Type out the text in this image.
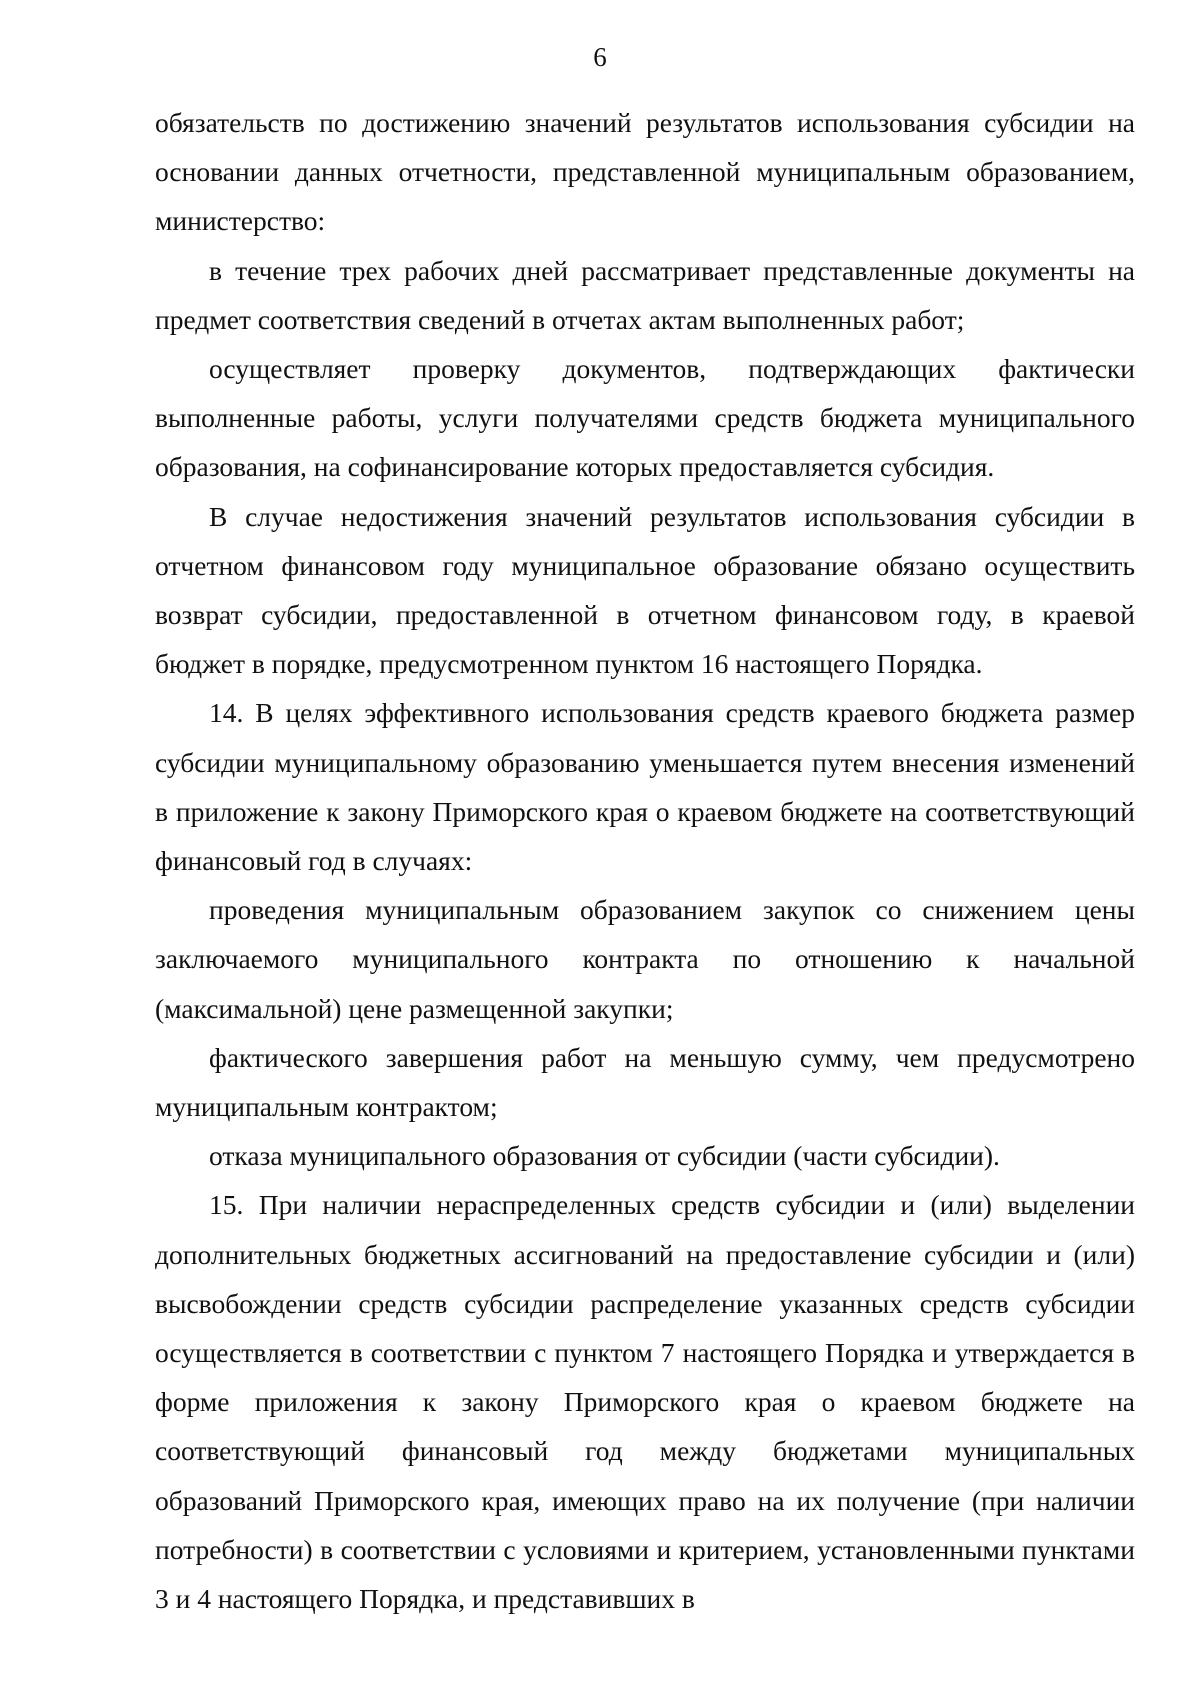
6

обязательств по достижению значений результатов использования субсидии на основании данных отчетности, представленной муниципальным образованием, министерство:

в течение трех рабочих дней рассматривает представленные документы на предмет соответствия сведений в отчетах актам выполненных работ;

осуществляет проверку документов, подтверждающих фактически выполненные работы, услуги получателями средств бюджета муниципального образования, на софинансирование которых предоставляется субсидия.

В случае недостижения значений результатов использования субсидии в отчетном финансовом году муниципальное образование обязано осуществить возврат субсидии, предоставленной в отчетном финансовом году, в краевой бюджет в порядке, предусмотренном пунктом 16 настоящего Порядка.

14. В целях эффективного использования средств краевого бюджета размер субсидии муниципальному образованию уменьшается путем внесения изменений в приложение к закону Приморского края о краевом бюджете на соответствующий финансовый год в случаях:

проведения муниципальным образованием закупок со снижением цены заключаемого муниципального контракта по отношению к начальной (максимальной) цене размещенной закупки;

фактического завершения работ на меньшую сумму, чем предусмотрено муниципальным контрактом;

отказа муниципального образования от субсидии (части субсидии).

15. При наличии нераспределенных средств субсидии и (или) выделении дополнительных бюджетных ассигнований на предоставление субсидии и (или) высвобождении средств субсидии распределение указанных средств субсидии осуществляется в соответствии с пунктом 7 настоящего Порядка и утверждается в форме приложения к закону Приморского края о краевом бюджете на соответствующий финансовый год между бюджетами муниципальных образований Приморского края, имеющих право на их получение (при наличии потребности) в соответствии с условиями и критерием, установленными пунктами 3 и 4 настоящего Порядка, и представивших в
